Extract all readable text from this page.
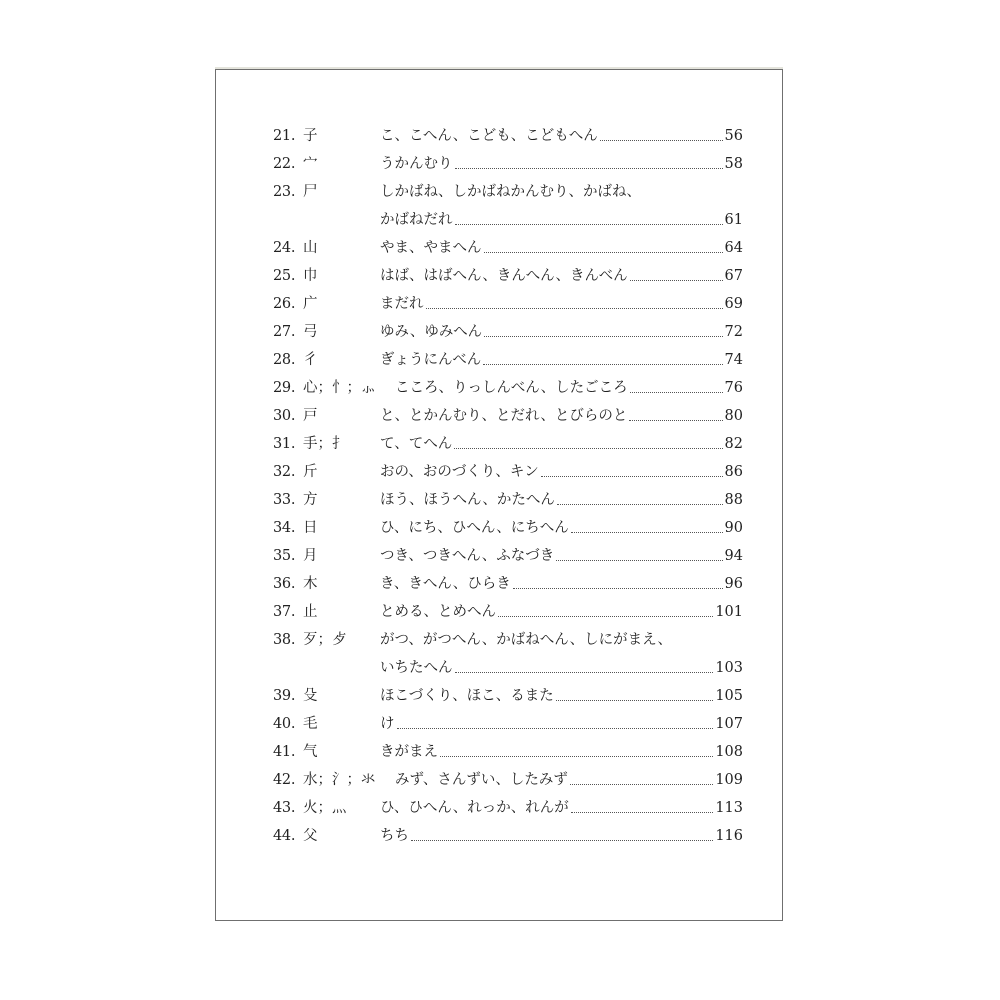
21. 子	こ、こへん、こども、こどもへん	56
22. 宀	うかんむり	58
23. 尸	しかばね、しかばねかんむり、かばね、
かばねだれ	61
24. 山	やま、やまへん	64
25. 巾	はば、はばへん、きんへん、きんべん	67
26. 广	まだれ	69
27. 弓	ゆみ、ゆみへん	72
28. 彳	ぎょうにんべん	74
29. 心；忄；⺗ こころ、りっしんべん、したごころ	76
30. 戸	と、とかんむり、とだれ、とびらのと	80
31. 手；扌 て、てへん	82
32. 斤	おの、おのづくり、キン	86
33. 方	ほう、ほうへん、かたへん	88
34. 日	ひ、にち、ひへん、にちへん	90
35. 月	つき、つきへん、ふなづき	94
36. 木	き、きへん、ひらき	96
37. 止	とめる、とめへん	101
38. 歹；歺 がつ、がつへん、かばねへん、しにがまえ、
いちたへん	103
39. 殳	ほこづくり、ほこ、るまた	105
40. 毛	け	107
41. 气	きがまえ	108
42. 水；氵；氺 みず、さんずい、したみず	109
43. 火；灬 ひ、ひへん、れっか、れんが	113
44. 父	ちち	116
